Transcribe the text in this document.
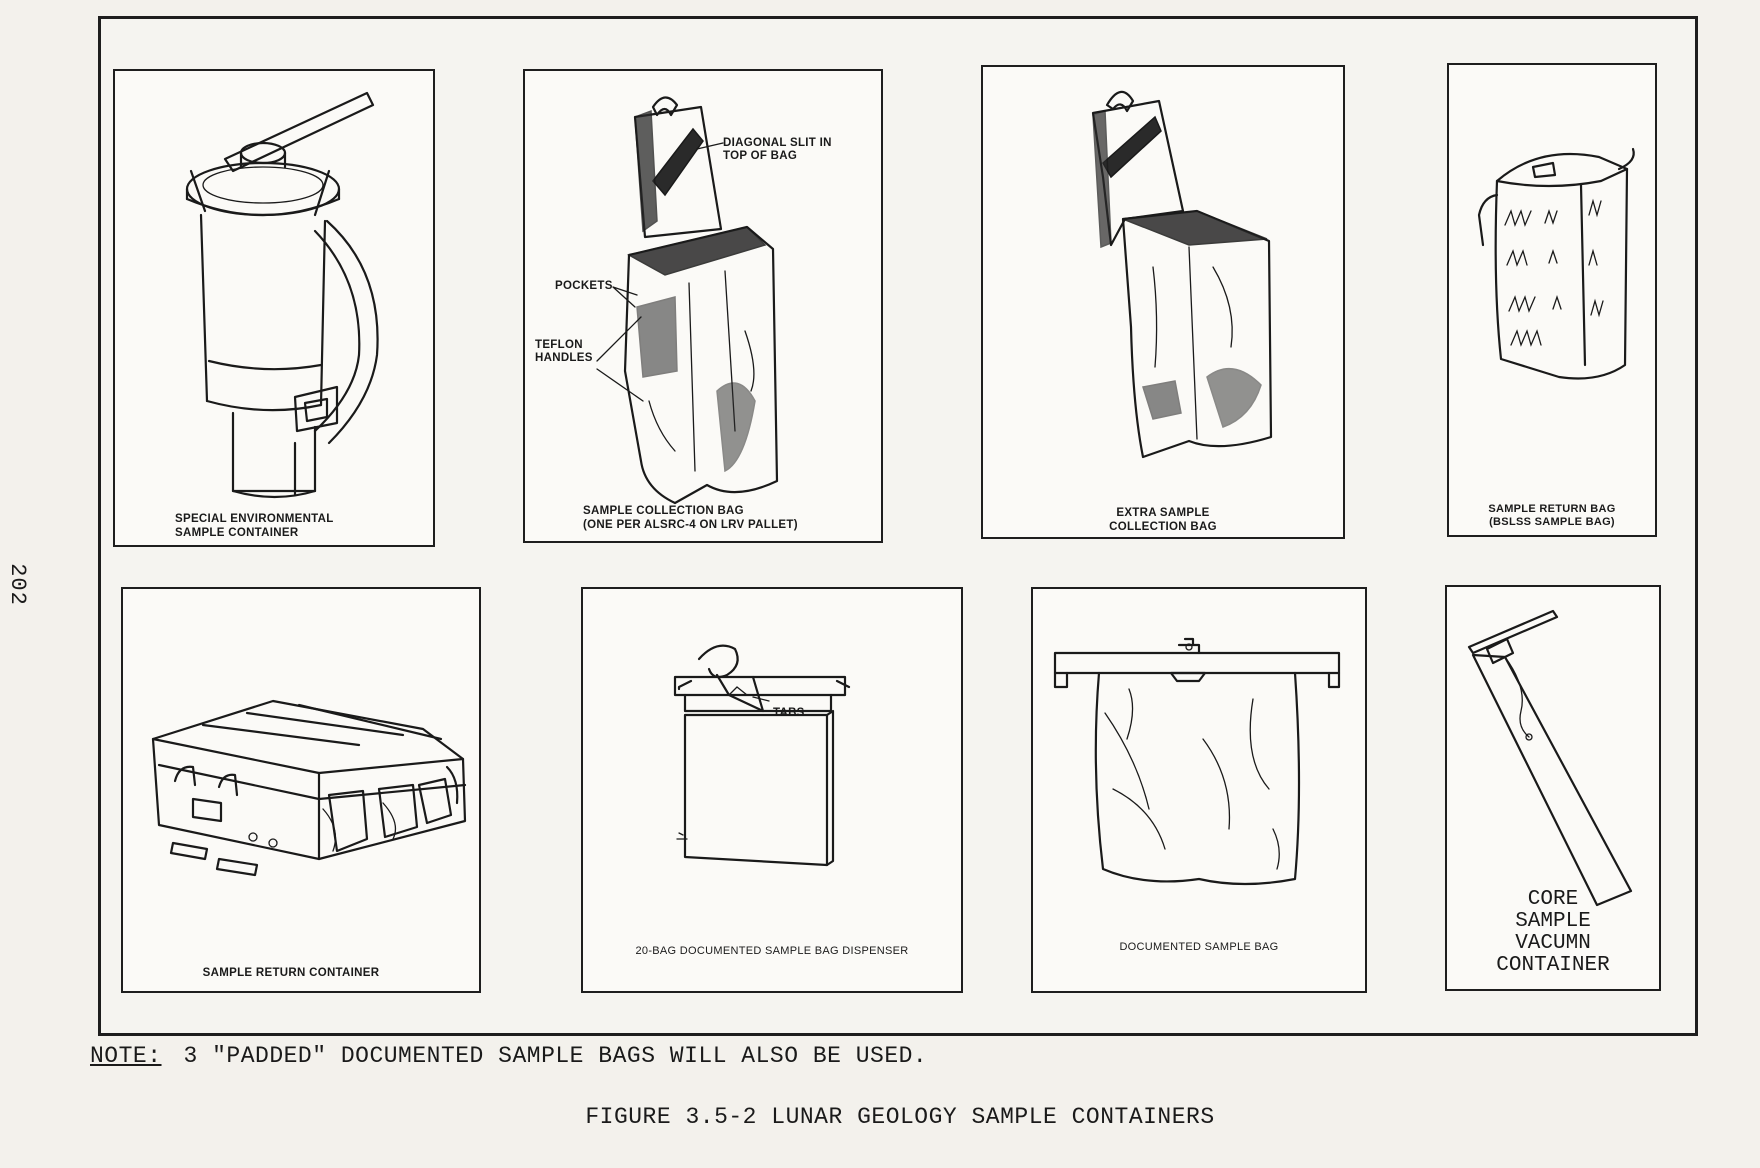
202
SPECIAL ENVIRONMENTAL
SAMPLE CONTAINER
DIAGONAL SLIT IN
TOP OF BAG
POCKETS
TEFLON
HANDLES
SAMPLE COLLECTION BAG
(ONE PER ALSRC-4 ON LRV PALLET)
EXTRA SAMPLE
COLLECTION BAG
SAMPLE RETURN BAG
(BSLSS SAMPLE BAG)
SAMPLE RETURN CONTAINER
TABS
20-BAG DOCUMENTED SAMPLE BAG DISPENSER	DOCUMENTED SAMPLE BAG
CORE
SAMPLE
VACUMN
CONTAINER
NOTE: 3 "PADDED" DOCUMENTED SAMPLE BAGS WILL ALSO BE USED.
FIGURE 3.5-2 LUNAR GEOLOGY SAMPLE CONTAINERS
